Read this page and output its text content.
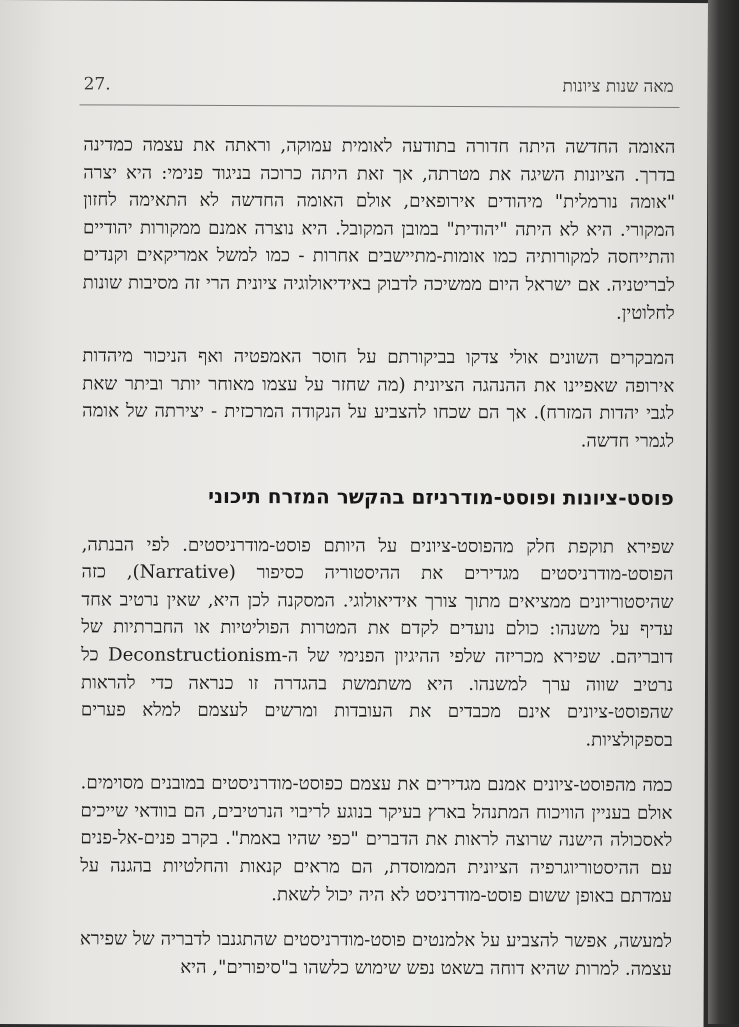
מאה שנות ציונות
27.

האומה החדשה היתה חדורה בתודעה לאומית עמוקה, וראתה את עצמה כמדינה בדרך. הציונות השיגה את מטרתה, אך זאת היתה כרוכה בניגוד פנימי: היא יצרה "אומה נורמלית" מיהודים אירופאים, אולם האומה החדשה לא התאימה לחזון המקורי. היא לא היתה "יהודית" במובן המקובל. היא נוצרה אמנם ממקורות יהודיים והתייחסה למקורותיה כמו אומות-מתיישבים אחרות - כמו למשל אמריקאים וקנדים לבריטניה. אם ישראל היום ממשיכה לדבוק באידיאולוגיה ציונית הרי זה מסיבות שונות לחלוטין.

המבקרים השונים אולי צדקו בביקורתם על חוסר האמפטיה ואף הניכור מיהדות אירופה שאפיינו את ההנהגה הציונית (מה שחזר על עצמו מאוחר יותר וביתר שאת לגבי יהדות המזרח). אך הם שכחו להצביע על הנקודה המרכזית - יצירתה של אומה לגמרי חדשה.

פוסט-ציונות ופוסט-מודרניזם בהקשר המזרח תיכוני

שפירא תוקפת חלק מהפוסט-ציונים על היותם פוסט-מודרניסטים. לפי הבנתה, הפוסט-מודרניסטים מגדירים את ההיסטוריה כסיפור (Narrative), כזה שהיסטוריונים ממציאים מתוך צורך אידיאולוגי. המסקנה לכן היא, שאין נרטיב אחד עדיף על משנהו: כולם נועדים לקדם את המטרות הפוליטיות או החברתיות של דובריהם. שפירא מכריזה שלפי ההיגיון הפנימי של ה-Deconstructionism כל נרטיב שווה ערך למשנהו. היא משתמשת בהגדרה זו כנראה כדי להראות שהפוסט-ציונים אינם מכבדים את העובדות ומרשים לעצמם למלא פערים בספקולציות.

כמה מהפוסט-ציונים אמנם מגדירים את עצמם כפוסט-מודרניסטים במובנים מסוימים. אולם בעניין הוויכוח המתנהל בארץ בעיקר בנוגע לריבוי הנרטיבים, הם בוודאי שייכים לאסכולה הישנה שרוצה לראות את הדברים "כפי שהיו באמת". בקרב פנים-אל-פנים עם ההיסטוריוגרפיה הציונית הממוסדת, הם מראים קנאות והחלטיות בהגנה על עמדתם באופן ששום פוסט-מודרניסט לא היה יכול לשאת.

למעשה, אפשר להצביע על אלמנטים פוסט-מודרניסטים שהתגנבו לדבריה של שפירא עצמה. למרות שהיא דוחה בשאט נפש שימוש כלשהו ב"סיפורים", היא
